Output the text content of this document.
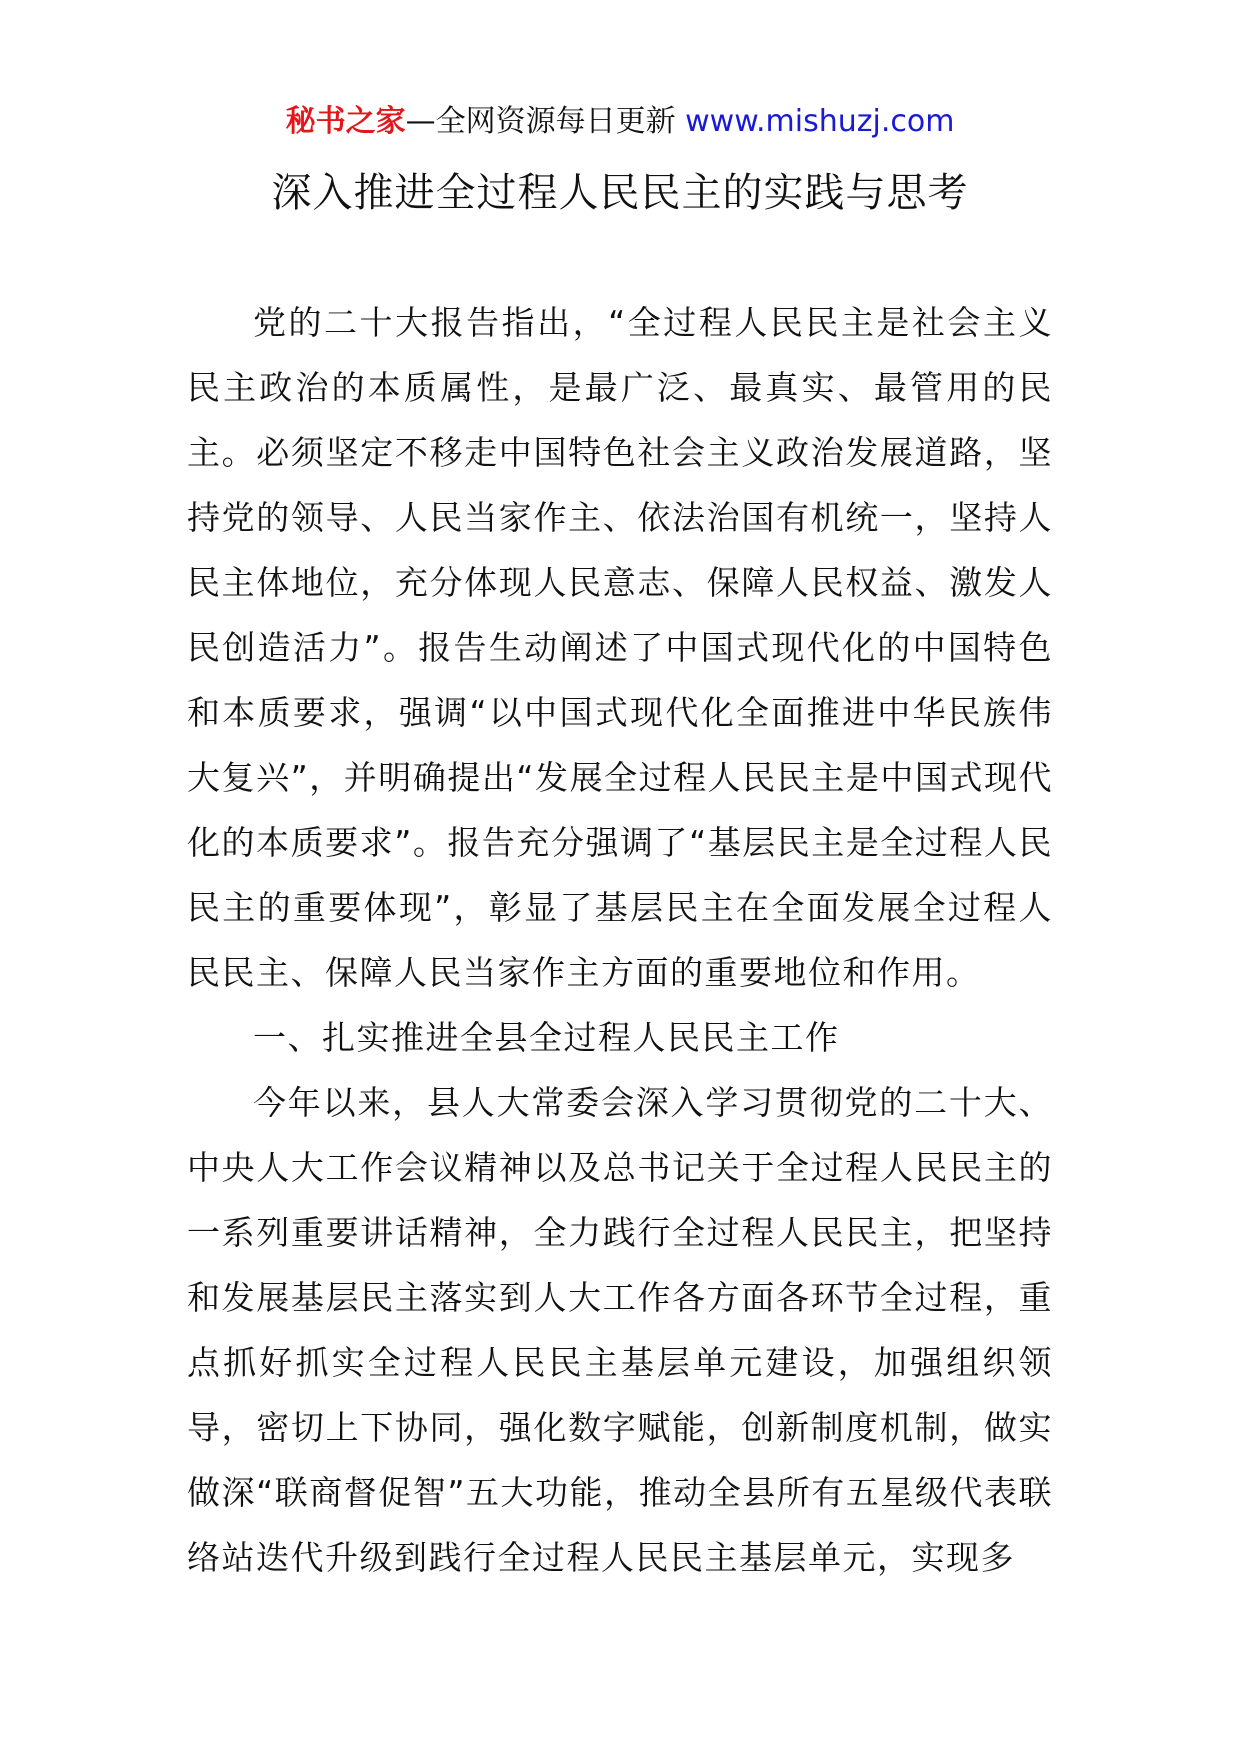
秘书之家—全网资源每日更新 www.mishuzj.com
深入推进全过程人民民主的实践与思考

党的二十大报告指出，“全过程人民民主是社会主义民主政治的本质属性，是最广泛、最真实、最管用的民主。必须坚定不移走中国特色社会主义政治发展道路，坚持党的领导、人民当家作主、依法治国有机统一，坚持人民主体地位，充分体现人民意志、保障人民权益、激发人民创造活力”。报告生动阐述了中国式现代化的中国特色和本质要求，强调“以中国式现代化全面推进中华民族伟大复兴”，并明确提出“发展全过程人民民主是中国式现代化的本质要求”。报告充分强调了“基层民主是全过程人民民主的重要体现”，彰显了基层民主在全面发展全过程人民民主、保障人民当家作主方面的重要地位和作用。

一、扎实推进全县全过程人民民主工作

今年以来，县人大常委会深入学习贯彻党的二十大、中央人大工作会议精神以及总书记关于全过程人民民主的一系列重要讲话精神，全力践行全过程人民民主，把坚持和发展基层民主落实到人大工作各方面各环节全过程，重点抓好抓实全过程人民民主基层单元建设，加强组织领导，密切上下协同，强化数字赋能，创新制度机制，做实做深“联商督促智”五大功能，推动全县所有五星级代表联络站迭代升级到践行全过程人民民主基层单元，实现多
